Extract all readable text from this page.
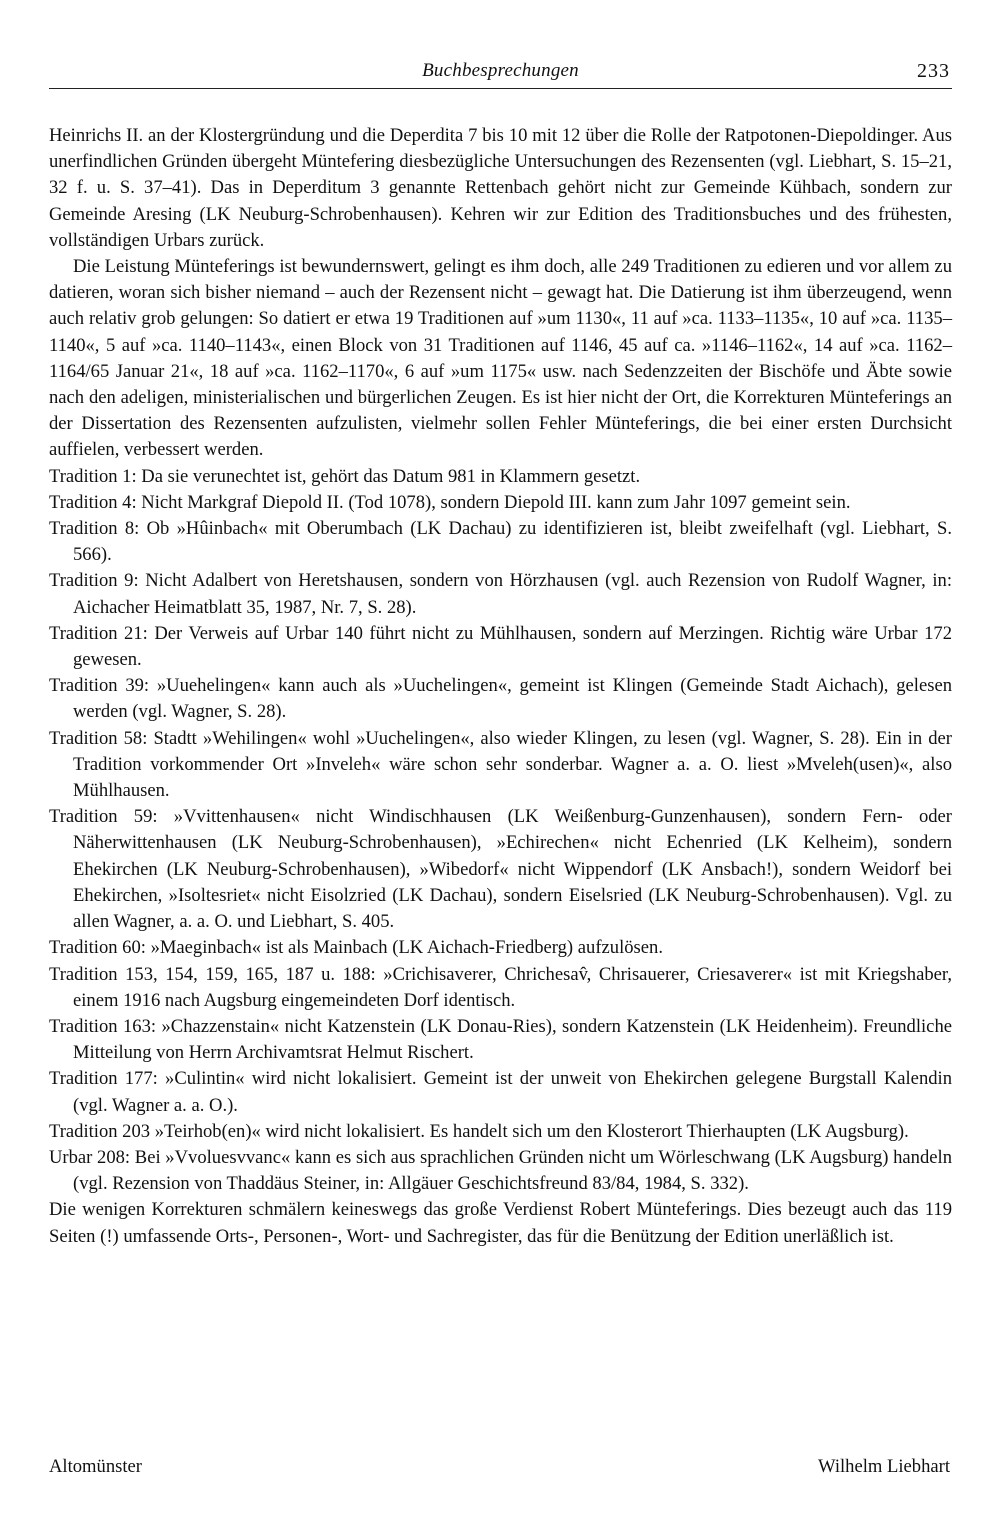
Buchbesprechungen	233

Heinrichs II. an der Klostergründung und die Deperdita 7 bis 10 mit 12 über die Rolle der Ratpotonen-Diepoldinger. Aus unerfindlichen Gründen übergeht Müntefering diesbezügliche Untersuchungen des Rezensenten (vgl. Liebhart, S. 15–21, 32 f. u. S. 37–41). Das in Deperditum 3 genannte Rettenbach gehört nicht zur Gemeinde Kühbach, sondern zur Gemeinde Aresing (LK Neuburg-Schrobenhausen). Kehren wir zur Edition des Traditionsbuches und des frühesten, vollständigen Urbars zurück.

Die Leistung Münteferings ist bewundernswert, gelingt es ihm doch, alle 249 Traditionen zu edieren und vor allem zu datieren, woran sich bisher niemand – auch der Rezensent nicht – gewagt hat. Die Datierung ist ihm überzeugend, wenn auch relativ grob gelungen: So datiert er etwa 19 Traditionen auf »um 1130«, 11 auf »ca. 1133–1135«, 10 auf »ca. 1135–1140«, 5 auf »ca. 1140–1143«, einen Block von 31 Traditionen auf 1146, 45 auf ca. »1146–1162«, 14 auf »ca. 1162–1164/65 Januar 21«, 18 auf »ca. 1162–1170«, 6 auf »um 1175« usw. nach Sedenzzeiten der Bischöfe und Äbte sowie nach den adeligen, ministerialischen und bürgerlichen Zeugen. Es ist hier nicht der Ort, die Korrekturen Münteferings an der Dissertation des Rezensenten aufzulisten, vielmehr sollen Fehler Münteferings, die bei einer ersten Durchsicht auffielen, verbessert werden.

Tradition 1: Da sie verunechtet ist, gehört das Datum 981 in Klammern gesetzt.

Tradition 4: Nicht Markgraf Diepold II. (Tod 1078), sondern Diepold III. kann zum Jahr 1097 gemeint sein.

Tradition 8: Ob »Hûinbach« mit Oberumbach (LK Dachau) zu identifizieren ist, bleibt zweifelhaft (vgl. Liebhart, S. 566).

Tradition 9: Nicht Adalbert von Heretshausen, sondern von Hörzhausen (vgl. auch Rezension von Rudolf Wagner, in: Aichacher Heimatblatt 35, 1987, Nr. 7, S. 28).

Tradition 21: Der Verweis auf Urbar 140 führt nicht zu Mühlhausen, sondern auf Merzingen. Richtig wäre Urbar 172 gewesen.

Tradition 39: »Uuehelingen« kann auch als »Uuchelingen«, gemeint ist Klingen (Gemeinde Stadt Aichach), gelesen werden (vgl. Wagner, S. 28).

Tradition 58: Stadtt »Wehilingen« wohl »Uuchelingen«, also wieder Klingen, zu lesen (vgl. Wagner, S. 28). Ein in der Tradition vorkommender Ort »Inveleh« wäre schon sehr sonderbar. Wagner a. a. O. liest »Mveleh(usen)«, also Mühlhausen.

Tradition 59: »Vvittenhausen« nicht Windischhausen (LK Weißenburg-Gunzenhausen), sondern Fern- oder Näherwittenhausen (LK Neuburg-Schrobenhausen), »Echirechen« nicht Echenried (LK Kelheim), sondern Ehekirchen (LK Neuburg-Schrobenhausen), »Wibedorf« nicht Wippendorf (LK Ansbach!), sondern Weidorf bei Ehekirchen, »Isoltesriet« nicht Eisolzried (LK Dachau), sondern Eiselsried (LK Neuburg-Schrobenhausen). Vgl. zu allen Wagner, a. a. O. und Liebhart, S. 405.

Tradition 60: »Maeginbach« ist als Mainbach (LK Aichach-Friedberg) aufzulösen.

Tradition 153, 154, 159, 165, 187 u. 188: »Crichisaverer, Chrichesav̂, Chrisauerer, Criesaverer« ist mit Kriegshaber, einem 1916 nach Augsburg eingemeindeten Dorf identisch.

Tradition 163: »Chazzenstain« nicht Katzenstein (LK Donau-Ries), sondern Katzenstein (LK Heidenheim). Freundliche Mitteilung von Herrn Archivamtsrat Helmut Rischert.

Tradition 177: »Culintin« wird nicht lokalisiert. Gemeint ist der unweit von Ehekirchen gelegene Burgstall Kalendin (vgl. Wagner a. a. O.).

Tradition 203 »Teirhob(en)« wird nicht lokalisiert. Es handelt sich um den Klosterort Thierhaupten (LK Augsburg).

Urbar 208: Bei »Vvoluesvvanc« kann es sich aus sprachlichen Gründen nicht um Wörleschwang (LK Augsburg) handeln (vgl. Rezension von Thaddäus Steiner, in: Allgäuer Geschichtsfreund 83/84, 1984, S. 332).

Die wenigen Korrekturen schmälern keineswegs das große Verdienst Robert Münteferings. Dies bezeugt auch das 119 Seiten (!) umfassende Orts-, Personen-, Wort- und Sachregister, das für die Benützung der Edition unerläßlich ist.

Altomünster	Wilhelm Liebhart
